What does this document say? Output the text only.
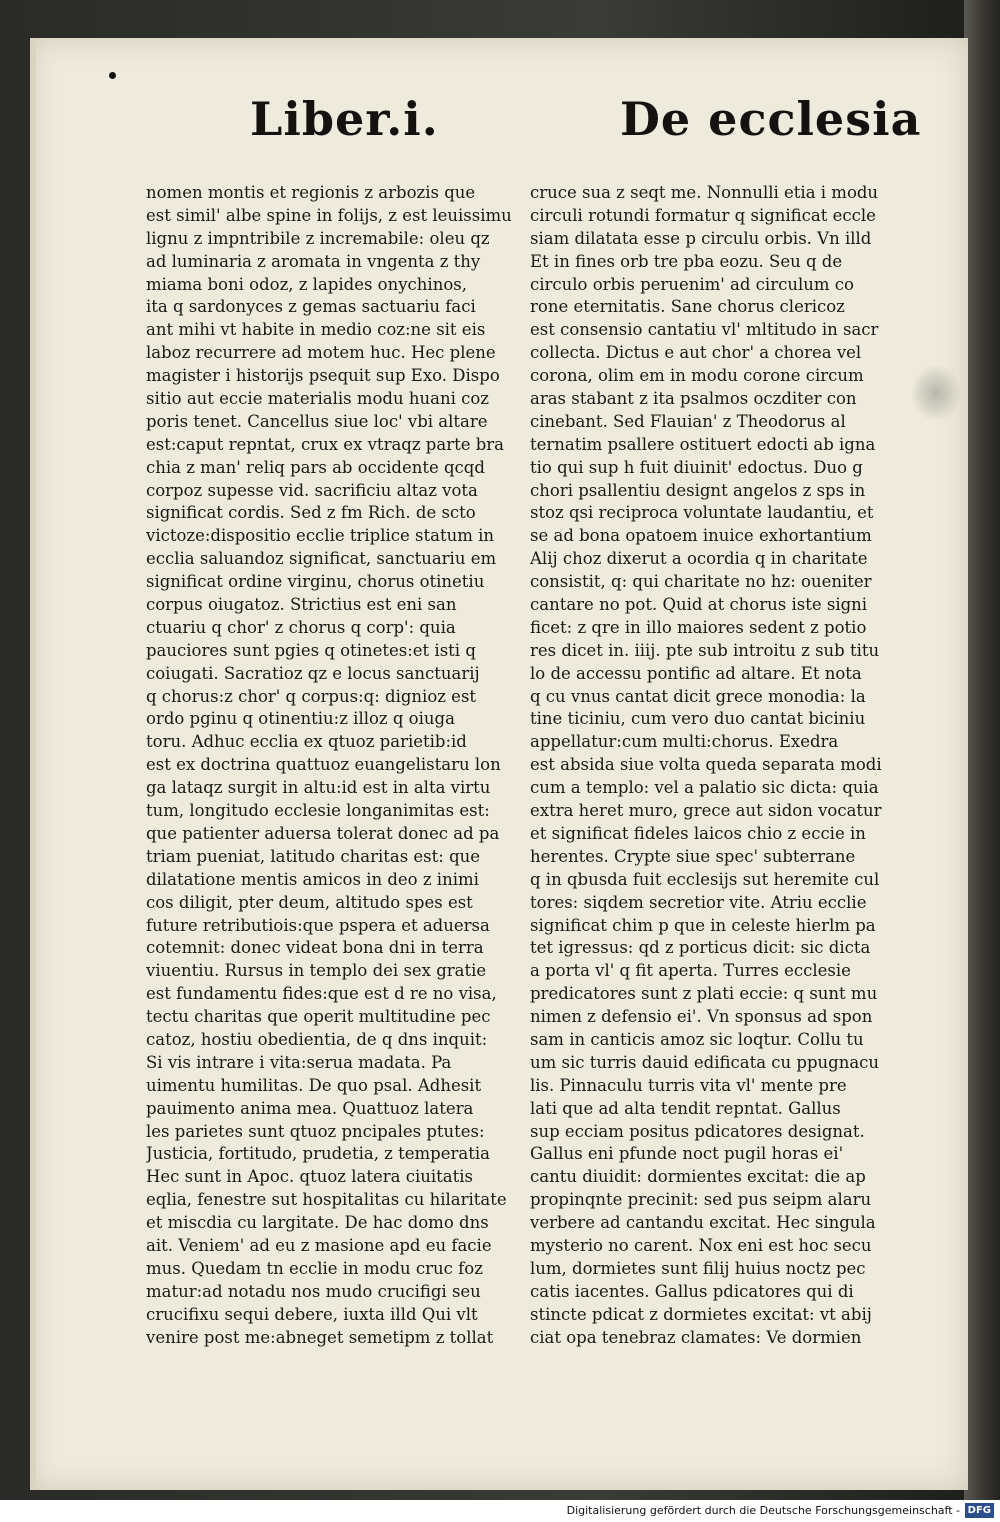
Liber.i.	De ecclesia
nomen montis et regionis z arbozis que
est simil' albe spine in folijs, z est leuissimu
lignu z impntribile z incremabile: oleu qz
ad luminaria z aromata in vngenta z thy
miama boni odoz, z lapides onychinos,
ita q sardonyces z gemas sactuariu faci
ant mihi vt habite in medio coz:ne sit eis
laboz recurrere ad motem huc. Hec plene
magister i historijs psequit sup Exo. Dispo
sitio aut eccie materialis modu huani coz
poris tenet. Cancellus siue loc' vbi altare
est:caput repntat, crux ex vtraqz parte bra
chia z man' reliq pars ab occidente qcqd
corpoz supesse vid. sacrificiu altaz vota
significat cordis. Sed z fm Rich. de scto
victoze:dispositio ecclie triplice statum in
ecclia saluandoz significat, sanctuariu em
significat ordine virginu, chorus otinetiu
corpus oiugatoz. Strictius est eni san
ctuariu q chor' z chorus q corp': quia
pauciores sunt pgies q otinetes:et isti q
coiugati. Sacratioz qz e locus sanctuarij
q chorus:z chor' q corpus:q: dignioz est
ordo pginu q otinentiu:z illoz q oiuga
toru. Adhuc ecclia ex qtuoz parietib:id
est ex doctrina quattuoz euangelistaru lon
ga lataqz surgit in altu:id est in alta virtu
tum, longitudo ecclesie longanimitas est:
que patienter aduersa tolerat donec ad pa
triam pueniat, latitudo charitas est: que
dilatatione mentis amicos in deo z inimi
cos diligit, pter deum, altitudo spes est
future retributiois:que pspera et aduersa
cotemnit: donec videat bona dni in terra
viuentiu. Rursus in templo dei sex gratie
est fundamentu fides:que est d re no visa,
tectu charitas que operit multitudine pec
catoz, hostiu obedientia, de q dns inquit:
Si vis intrare i vita:serua madata. Pa
uimentu humilitas. De quo psal. Adhesit
pauimento anima mea. Quattuoz latera
les parietes sunt qtuoz pncipales ptutes:
Justicia, fortitudo, prudetia, z temperatia
Hec sunt in Apoc. qtuoz latera ciuitatis
eqlia, fenestre sut hospitalitas cu hilaritate
et miscdia cu largitate. De hac domo dns
ait. Veniem' ad eu z masione apd eu facie
mus. Quedam tn ecclie in modu cruc foz
matur:ad notadu nos mudo crucifigi seu
crucifixu sequi debere, iuxta illd Qui vlt
venire post me:abneget semetipm z tollat
cruce sua z seqt me. Nonnulli etia i modu
circuli rotundi formatur q significat eccle
siam dilatata esse p circulu orbis. Vn illd
Et in fines orb tre pba eozu. Seu q de
circulo orbis peruenim' ad circulum co
rone eternitatis. Sane chorus clericoz
est consensio cantatiu vl' mltitudo in sacr
collecta. Dictus e aut chor' a chorea vel
corona, olim em in modu corone circum
aras stabant z ita psalmos oczditer con
cinebant. Sed Flauian' z Theodorus al
ternatim psallere ostituert edocti ab igna
tio qui sup h fuit diuinit' edoctus. Duo g
chori psallentiu designt angelos z sps in
stoz qsi reciproca voluntate laudantiu, et
se ad bona opatoem inuice exhortantium
Alij choz dixerut a ocordia q in charitate
consistit, q: qui charitate no hz: oueniter
cantare no pot. Quid at chorus iste signi
ficet: z qre in illo maiores sedent z potio
res dicet in. iiij. pte sub introitu z sub titu
lo de accessu pontific ad altare. Et nota
q cu vnus cantat dicit grece monodia: la
tine ticiniu, cum vero duo cantat biciniu
appellatur:cum multi:chorus. Exedra
est absida siue volta queda separata modi
cum a templo: vel a palatio sic dicta: quia
extra heret muro, grece aut sidon vocatur
et significat fideles laicos chio z eccie in
herentes. Crypte siue spec' subterrane
q in qbusda fuit ecclesijs sut heremite cul
tores: siqdem secretior vite. Atriu ecclie
significat chim p que in celeste hierlm pa
tet igressus: qd z porticus dicit: sic dicta
a porta vl' q fit aperta. Turres ecclesie
predicatores sunt z plati eccie: q sunt mu
nimen z defensio ei'. Vn sponsus ad spon
sam in canticis amoz sic loqtur. Collu tu
um sic turris dauid edificata cu ppugnacu
lis. Pinnaculu turris vita vl' mente pre
lati que ad alta tendit repntat. Gallus
sup ecciam positus pdicatores designat.
Gallus eni pfunde noct pugil horas ei'
cantu diuidit: dormientes excitat: die ap
propinqnte precinit: sed pus seipm alaru
verbere ad cantandu excitat. Hec singula
mysterio no carent. Nox eni est hoc secu
lum, dormietes sunt filij huius noctz pec
catis iacentes. Gallus pdicatores qui di
stincte pdicat z dormietes excitat: vt abij
ciat opa tenebraz clamates: Ve dormien
Digitalisierung gefördert durch die Deutsche Forschungsgemeinschaft - DFG
